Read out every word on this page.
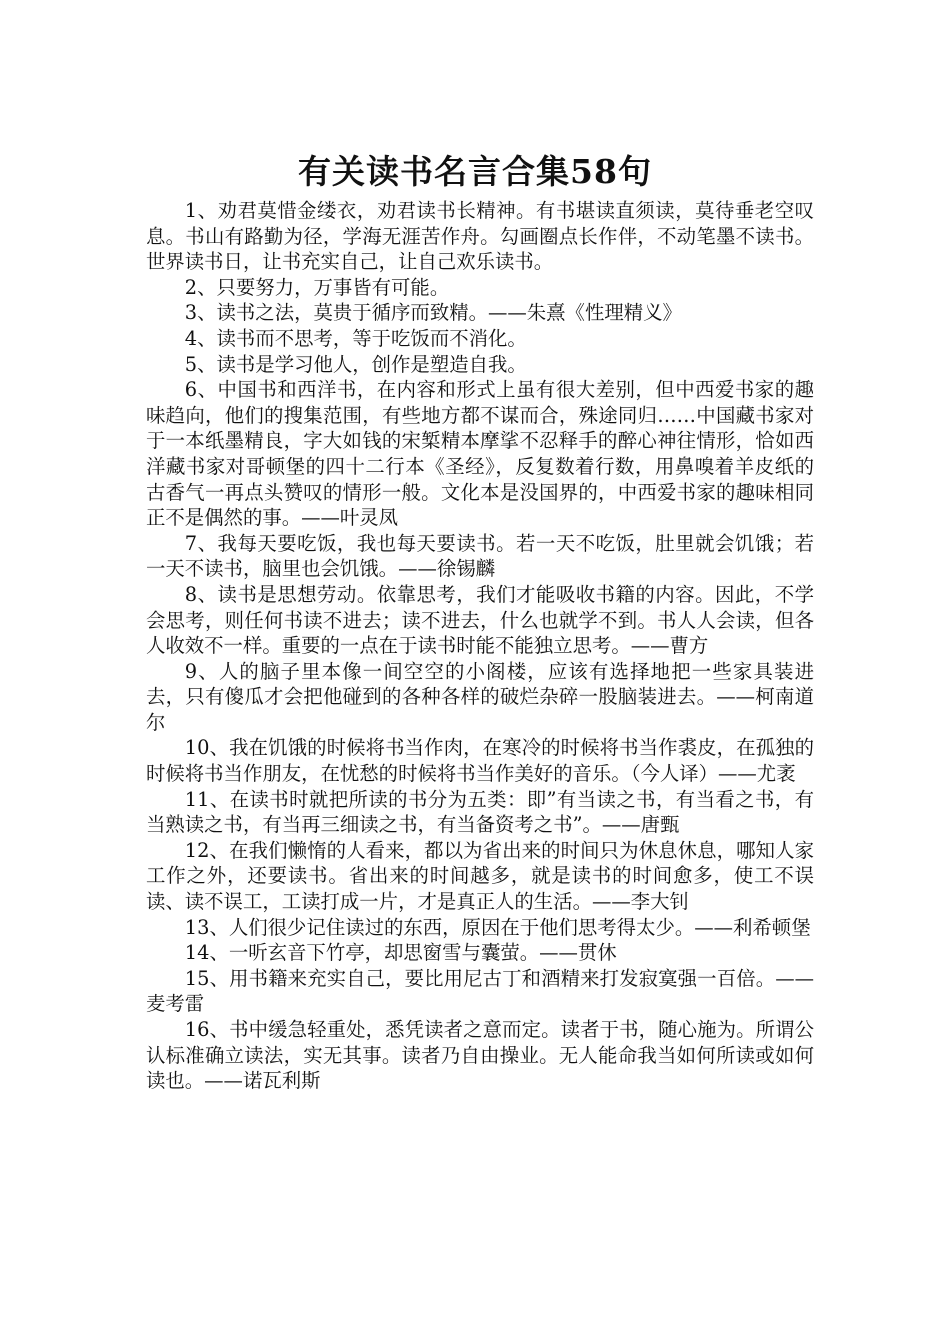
有关读书名言合集58句

1、劝君莫惜金缕衣，劝君读书长精神。有书堪读直须读，莫待垂老空叹息。书山有路勤为径，学海无涯苦作舟。勾画圈点长作伴，不动笔墨不读书。世界读书日，让书充实自己，让自己欢乐读书。

2、只要努力，万事皆有可能。

3、读书之法，莫贵于循序而致精。——朱熹《性理精义》

4、读书而不思考，等于吃饭而不消化。

5、读书是学习他人，创作是塑造自我。

6、中国书和西洋书，在内容和形式上虽有很大差别，但中西爱书家的趣味趋向，他们的搜集范围，有些地方都不谋而合，殊途同归……中国藏书家对于一本纸墨精良，字大如钱的宋椠精本摩挲不忍释手的醉心神往情形，恰如西洋藏书家对哥顿堡的四十二行本《圣经》，反复数着行数，用鼻嗅着羊皮纸的古香气一再点头赞叹的情形一般。文化本是没国界的，中西爱书家的趣味相同正不是偶然的事。——叶灵凤

7、我每天要吃饭，我也每天要读书。若一天不吃饭，肚里就会饥饿；若一天不读书，脑里也会饥饿。——徐锡麟

8、读书是思想劳动。依靠思考，我们才能吸收书籍的内容。因此，不学会思考，则任何书读不进去；读不进去，什么也就学不到。书人人会读，但各人收效不一样。重要的一点在于读书时能不能独立思考。——曹方

9、人的脑子里本像一间空空的小阁楼，应该有选择地把一些家具装进去，只有傻瓜才会把他碰到的各种各样的破烂杂碎一股脑装进去。——柯南道尔

10、我在饥饿的时候将书当作肉，在寒冷的时候将书当作裘皮，在孤独的时候将书当作朋友，在忧愁的时候将书当作美好的音乐。（今人译）——尤袤

11、在读书时就把所读的书分为五类：即”有当读之书，有当看之书，有当熟读之书，有当再三细读之书，有当备资考之书”。——唐甄

12、在我们懒惰的人看来，都以为省出来的时间只为休息休息，哪知人家工作之外，还要读书。省出来的时间越多，就是读书的时间愈多，使工不误读、读不误工，工读打成一片，才是真正人的生活。——李大钊

13、人们很少记住读过的东西，原因在于他们思考得太少。——利希顿堡

14、一听玄音下竹亭，却思窗雪与囊萤。——贯休

15、用书籍来充实自己，要比用尼古丁和酒精来打发寂寞强一百倍。——麦考雷

16、书中缓急轻重处，悉凭读者之意而定。读者于书，随心施为。所谓公认标准确立读法，实无其事。读者乃自由操业。无人能命我当如何所读或如何读也。——诺瓦利斯
